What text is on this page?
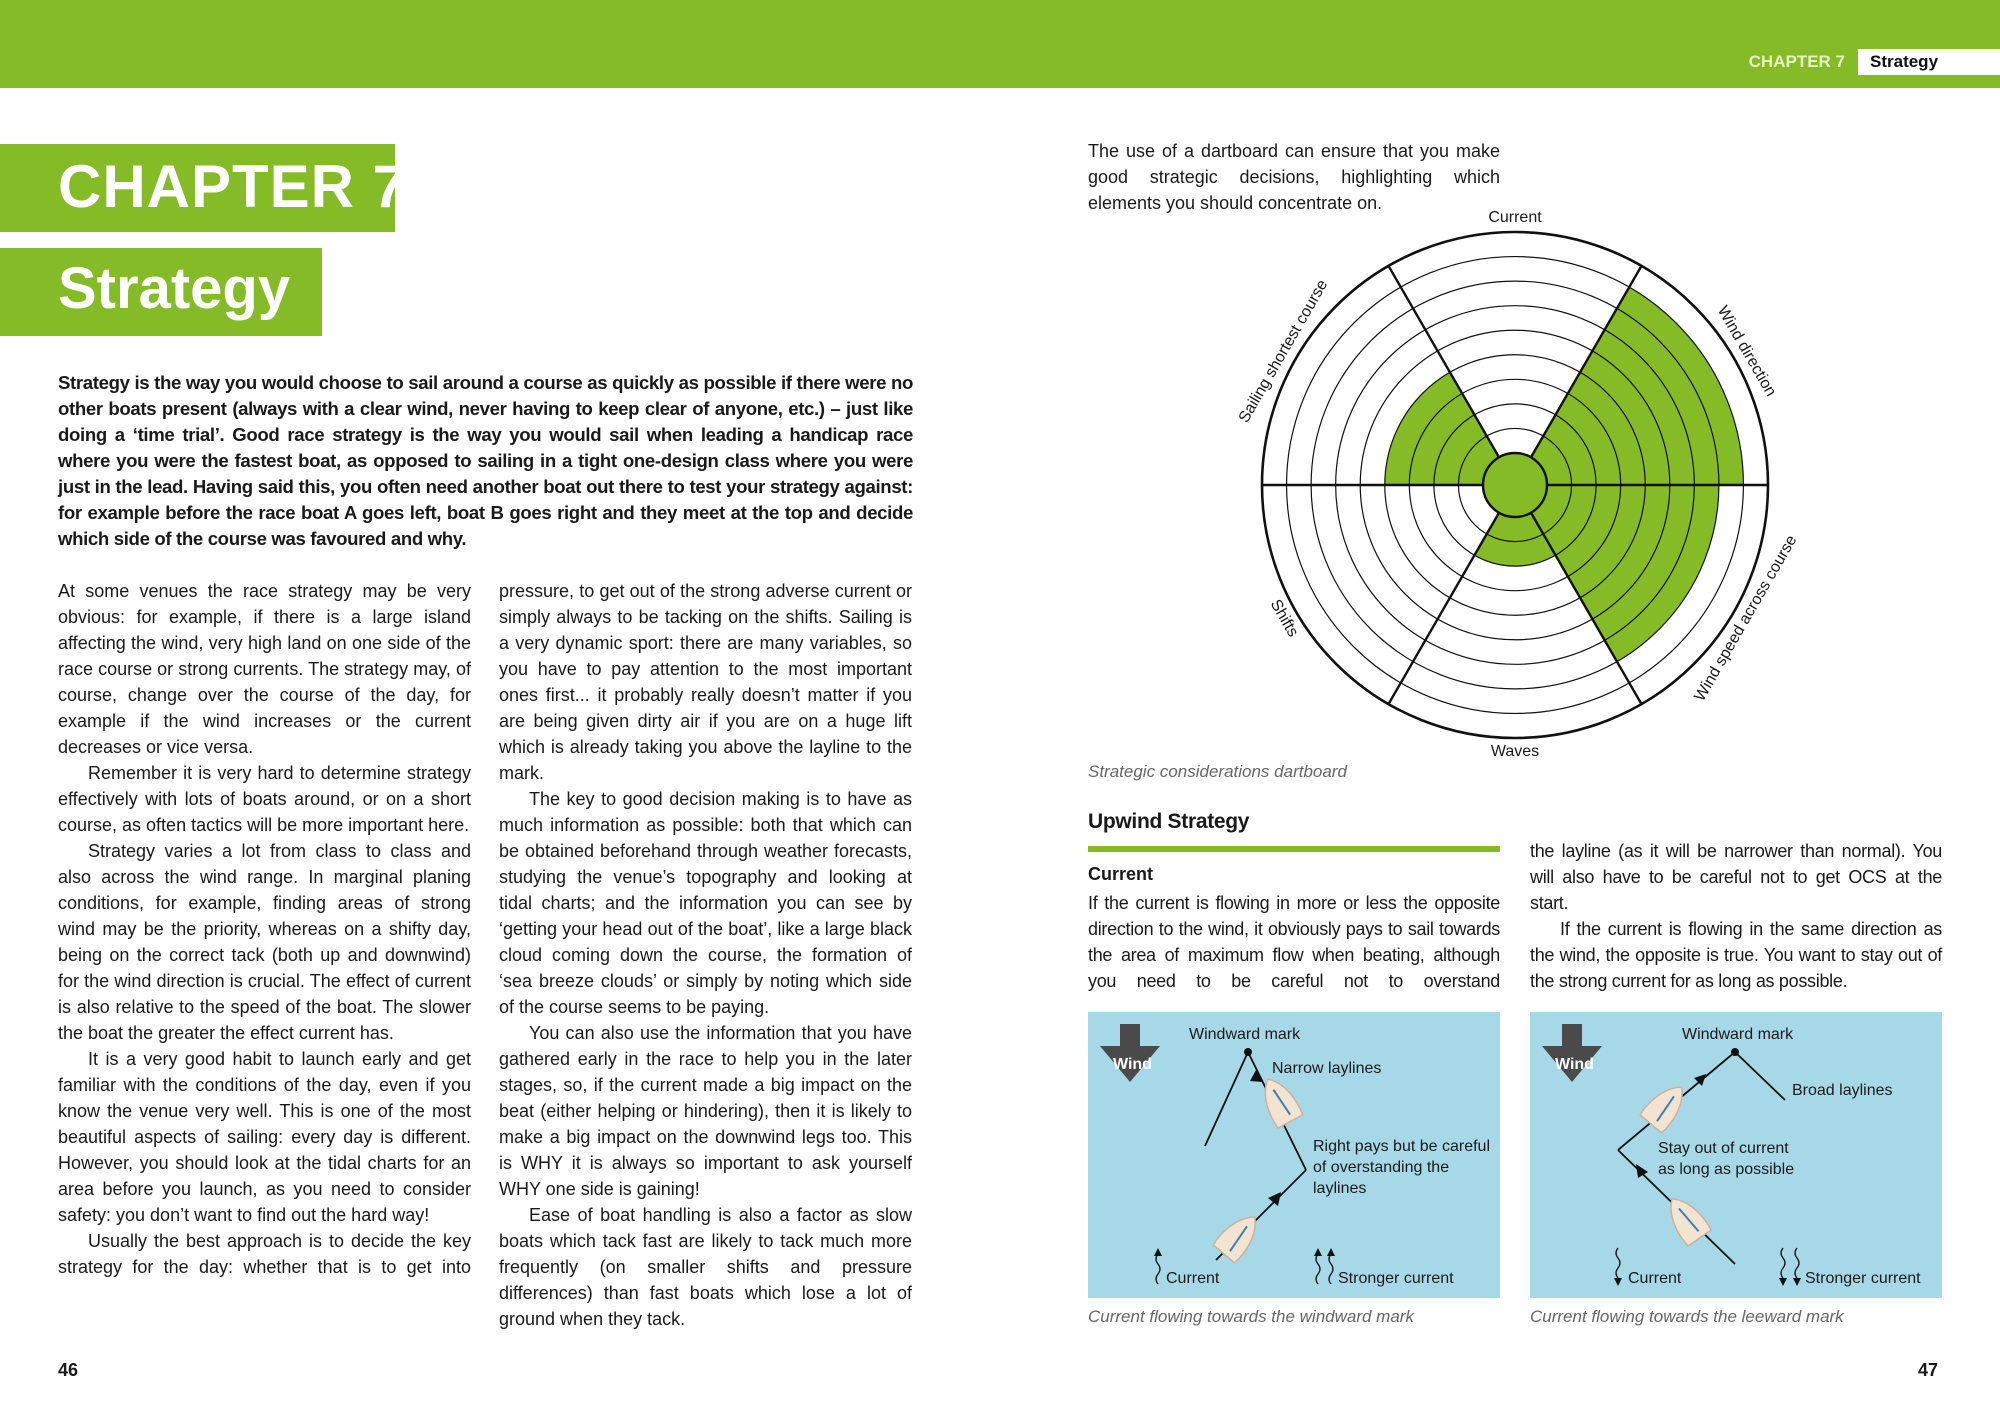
CHAPTER 7	Strategy
CHAPTER 7
Strategy
Strategy is the way you would choose to sail around a course as quickly as possible if there were no other boats present (always with a clear wind, never having to keep clear of anyone, etc.) – just like doing a ‘time trial’. Good race strategy is the way you would sail when leading a handicap race where you were the fastest boat, as opposed to sailing in a tight one-design class where you were just in the lead. Having said this, you often need another boat out there to test your strategy against: for example before the race boat A goes left, boat B goes right and they meet at the top and decide which side of the course was favoured and why.

At some venues the race strategy may be very obvious: for example, if there is a large island affecting the wind, very high land on one side of the race course or strong currents. The strategy may, of course, change over the course of the day, for example if the wind increases or the current decreases or vice versa.

Remember it is very hard to determine strategy effectively with lots of boats around, or on a short course, as often tactics will be more important here.

Strategy varies a lot from class to class and also across the wind range. In marginal planing conditions, for example, finding areas of strong wind may be the priority, whereas on a shifty day, being on the correct tack (both up and downwind) for the wind direction is crucial. The effect of current is also relative to the speed of the boat. The slower the boat the greater the effect current has.

It is a very good habit to launch early and get familiar with the conditions of the day, even if you know the venue very well. This is one of the most beautiful aspects of sailing: every day is different. However, you should look at the tidal charts for an area before you launch, as you need to consider safety: you don’t want to find out the hard way!

Usually the best approach is to decide the key strategy for the day: whether that is to get into

pressure, to get out of the strong adverse current or simply always to be tacking on the shifts. Sailing is a very dynamic sport: there are many variables, so you have to pay attention to the most important ones first... it probably really doesn’t matter if you are being given dirty air if you are on a huge lift which is already taking you above the layline to the mark.

The key to good decision making is to have as much information as possible: both that which can be obtained beforehand through weather forecasts, studying the venue’s topography and looking at tidal charts; and the information you can see by ‘getting your head out of the boat’, like a large black cloud coming down the course, the formation of ‘sea breeze clouds’ or simply by noting which side of the course seems to be paying.

You can also use the information that you have gathered early in the race to help you in the later stages, so, if the current made a big impact on the beat (either helping or hindering), then it is likely to make a big impact on the downwind legs too. This is WHY it is always so important to ask yourself WHY one side is gaining!

Ease of boat handling is also a factor as slow boats which tack fast are likely to tack much more frequently (on smaller shifts and pressure differences) than fast boats which lose a lot of ground when they tack.

46	47
The use of a dartboard can ensure that you make good strategic decisions, highlighting which elements you should concentrate on.
Current
Wind direction
Wind speed across course
Waves
Shifts
Sailing shortest course
Strategic considerations dartboard
Upwind Strategy
Current

If the current is flowing in more or less the opposite direction to the wind, it obviously pays to sail towards the area of maximum flow when beating, although you need to be careful not to overstand

the layline (as it will be narrower than normal). You will also have to be careful not to get OCS at the start.

If the current is flowing in the same direction as the wind, the opposite is true. You want to stay out of the strong current for as long as possible.

Wind
Windward mark
Narrow laylines
Right pays but be careful of overstanding the laylines
Current	Stronger current
Current flowing towards the windward mark
Wind
Windward mark
Broad laylines
Stay out of current as long as possible
Current	Stronger current
Current flowing towards the leeward mark
